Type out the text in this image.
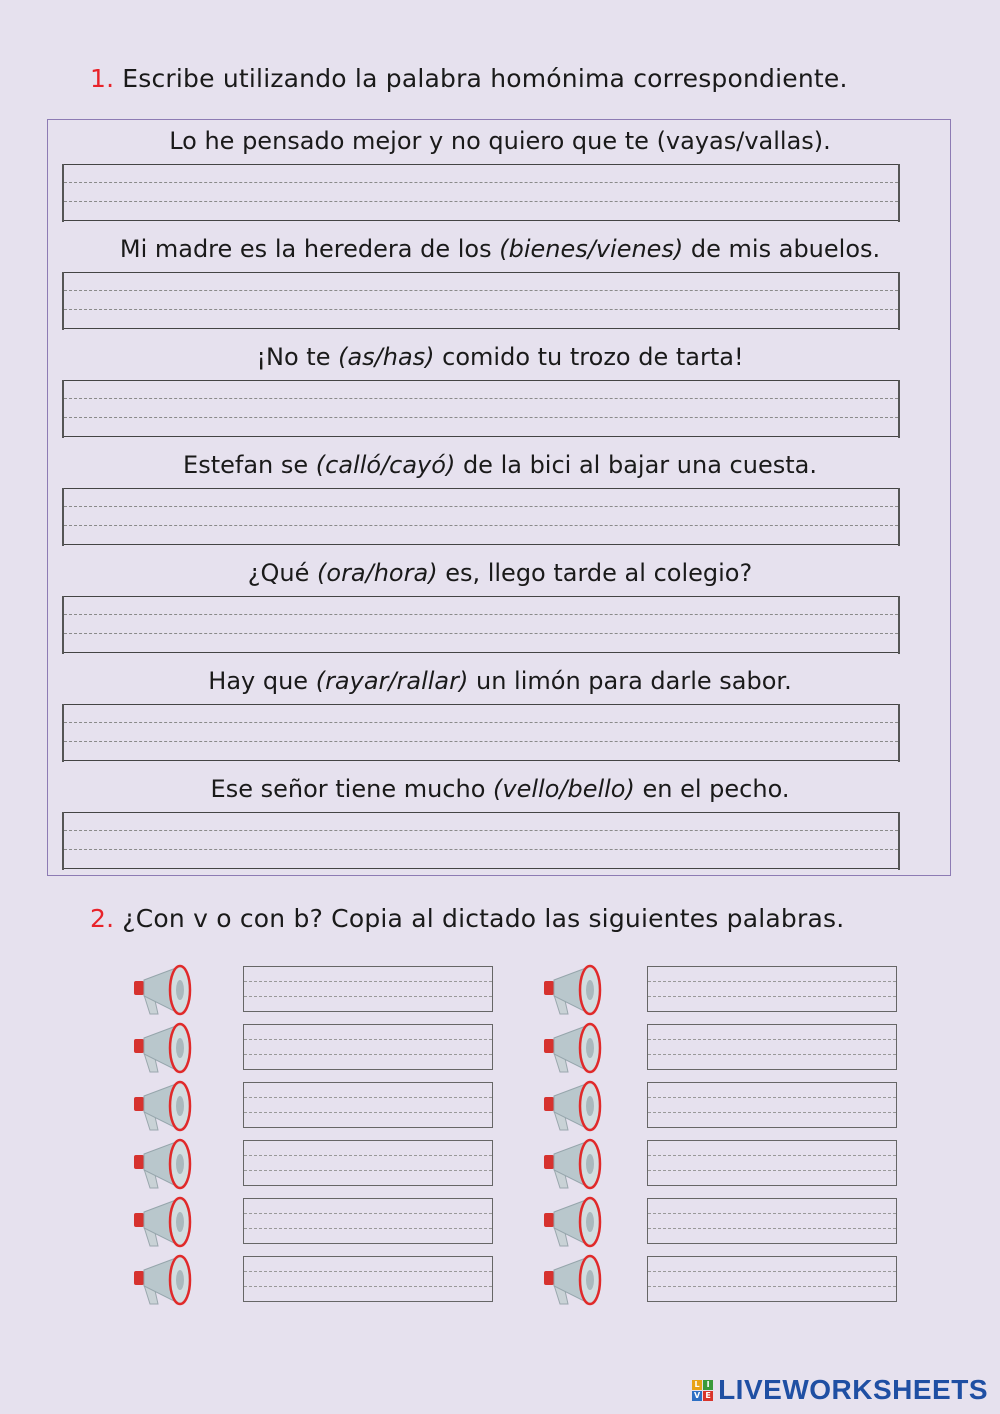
1. Escribe utilizando la palabra homónima correspondiente.
Lo he pensado mejor y no quiero que te (vayas/vallas).
Mi madre es la heredera de los (bienes/vienes) de mis abuelos.
¡No te (as/has) comido tu trozo de tarta!
Estefan se (calló/cayó) de la bici al bajar una cuesta.
¿Qué (ora/hora) es, llego tarde al colegio?
Hay que (rayar/rallar) un limón para darle sabor.
Ese señor tiene mucho (vello/bello) en el pecho.
2. ¿Con v o con b? Copia al dictado las siguientes palabras.
L I
V E LIVEWORKSHEETS
